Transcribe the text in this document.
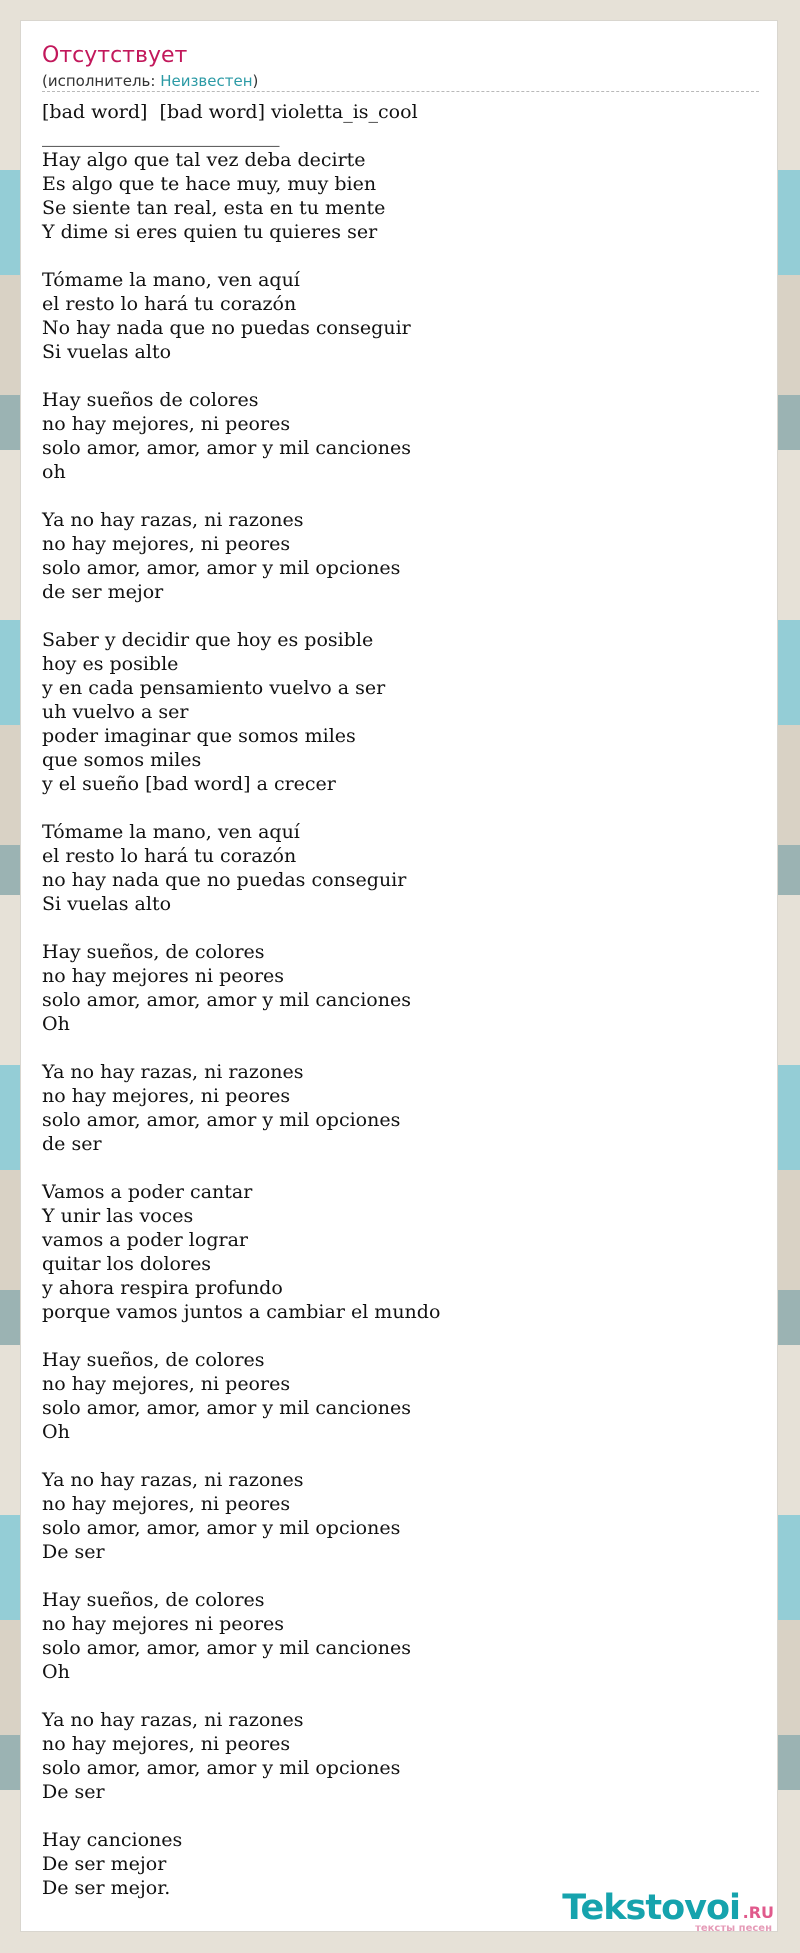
Отсутствует
(исполнитель: Неизвестен)
[bad word]  [bad word] violetta_is_cool
_________________________
Hay algo que tal vez deba decirte
Es algo que te hace muy, muy bien
Se siente tan real, esta en tu mente
Y dime si eres quien tu quieres ser

Tómame la mano, ven aquí
el resto lo hará tu corazón
No hay nada que no puedas conseguir
Si vuelas alto

Hay sueños de colores
no hay mejores, ni peores
solo amor, amor, amor y mil canciones
oh

Ya no hay razas, ni razones
no hay mejores, ni peores
solo amor, amor, amor y mil opciones
de ser mejor

Saber y decidir que hoy es posible
hoy es posible
y en cada pensamiento vuelvo a ser
uh vuelvo a ser
poder imaginar que somos miles
que somos miles
y el sueño [bad word] a crecer

Tómame la mano, ven aquí
el resto lo hará tu corazón
no hay nada que no puedas conseguir
Si vuelas alto

Hay sueños, de colores
no hay mejores ni peores
solo amor, amor, amor y mil canciones
Oh

Ya no hay razas, ni razones
no hay mejores, ni peores
solo amor, amor, amor y mil opciones
de ser

Vamos a poder cantar
Y unir las voces
vamos a poder lograr
quitar los dolores
y ahora respira profundo
porque vamos juntos a cambiar el mundo

Hay sueños, de colores
no hay mejores, ni peores
solo amor, amor, amor y mil canciones
Oh

Ya no hay razas, ni razones
no hay mejores, ni peores
solo amor, amor, amor y mil opciones
De ser

Hay sueños, de colores
no hay mejores ni peores
solo amor, amor, amor y mil canciones
Oh

Ya no hay razas, ni razones
no hay mejores, ni peores
solo amor, amor, amor y mil opciones
De ser

Hay canciones
De ser mejor
De ser mejor.	Tekstovoi .RU
тексты песен
